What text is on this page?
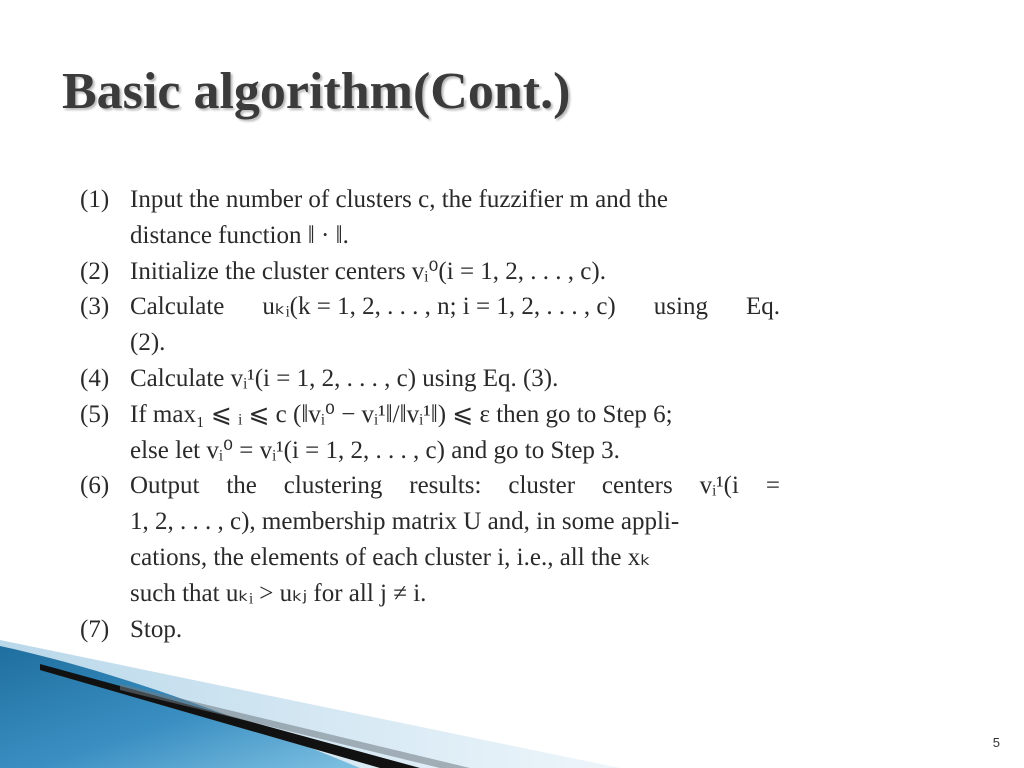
Basic algorithm(Cont.)
(1) Input the number of clusters c, the fuzzifier m and the
distance function ‖ · ‖.
(2) Initialize the cluster centers vᵢ⁰(i = 1, 2, . . . , c).
(3) Calculate uₖᵢ(k = 1, 2, . . . , n; i = 1, 2, . . . , c) using Eq.
(2).
(4) Calculate vᵢ¹(i = 1, 2, . . . , c) using Eq. (3).
(5) If max₁ ⩽ ᵢ ⩽ c (‖vᵢ⁰ − vᵢ¹‖/‖vᵢ¹‖) ⩽ ε then go to Step 6;
else let vᵢ⁰ = vᵢ¹(i = 1, 2, . . . , c) and go to Step 3.
(6) Output the clustering results: cluster centers vᵢ¹(i =
1, 2, . . . , c), membership matrix U and, in some appli-
cations, the elements of each cluster i, i.e., all the xₖ
such that uₖᵢ > uₖⱼ for all j ≠ i.
(7) Stop.
5
